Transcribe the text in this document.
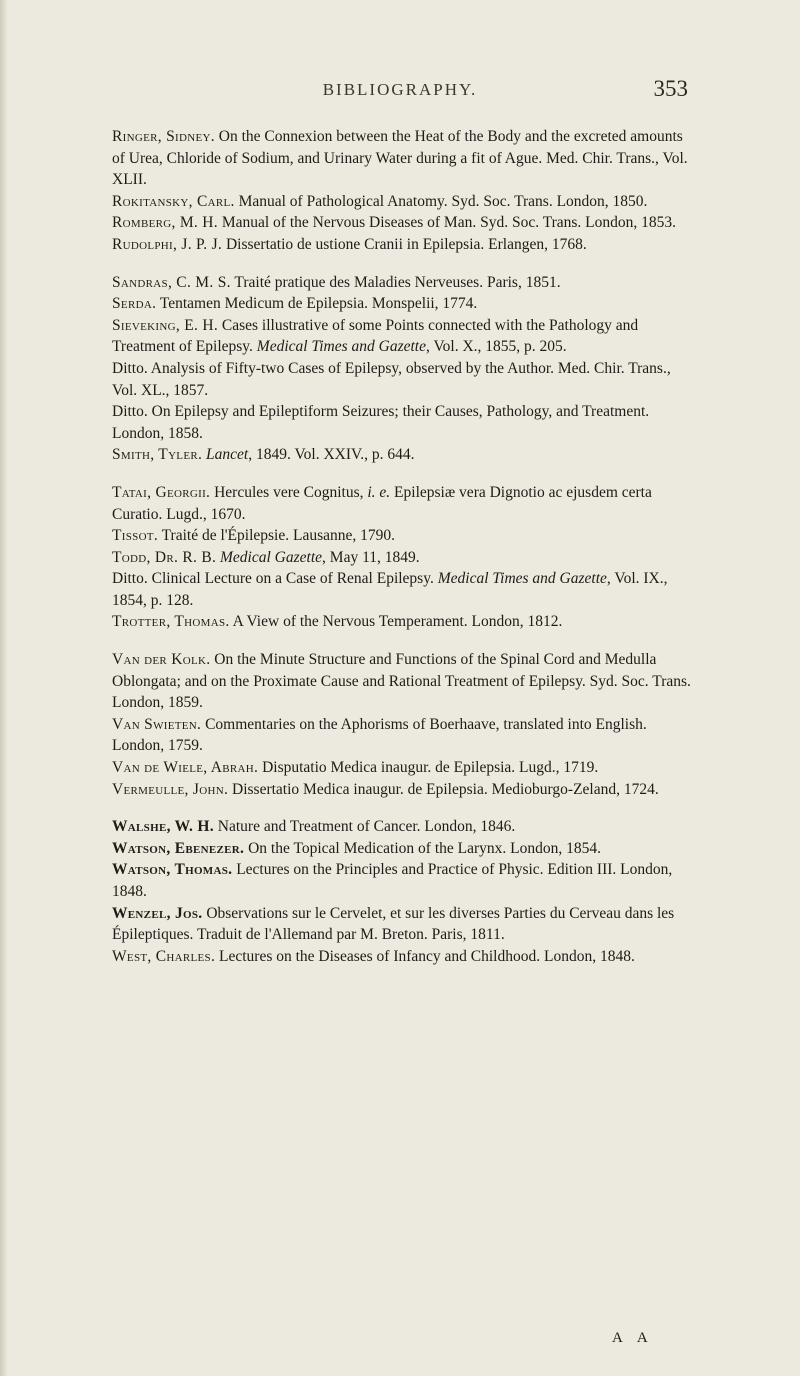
BIBLIOGRAPHY.	353
Ringer, Sidney. On the Connexion between the Heat of the Body and the excreted amounts of Urea, Chloride of Sodium, and Urinary Water during a fit of Ague. Med. Chir. Trans., Vol. XLII.
Rokitansky, Carl. Manual of Pathological Anatomy. Syd. Soc. Trans. London, 1850.
Romberg, M. H. Manual of the Nervous Diseases of Man. Syd. Soc. Trans. London, 1853.
Rudolphi, J. P. J. Dissertatio de ustione Cranii in Epilepsia. Erlangen, 1768.
Sandras, C. M. S. Traité pratique des Maladies Nerveuses. Paris, 1851.
Serda. Tentamen Medicum de Epilepsia. Monspelii, 1774.
Sieveking, E. H. Cases illustrative of some Points connected with the Pathology and Treatment of Epilepsy. Medical Times and Gazette, Vol. X., 1855, p. 205.
Ditto. Analysis of Fifty-two Cases of Epilepsy, observed by the Author. Med. Chir. Trans., Vol. XL., 1857.
Ditto. On Epilepsy and Epileptiform Seizures; their Causes, Pathology, and Treatment. London, 1858.
Smith, Tyler. Lancet, 1849. Vol. XXIV., p. 644.
Tatai, Georgii. Hercules vere Cognitus, i. e. Epilepsiæ vera Dignotio ac ejusdem certa Curatio. Lugd., 1670.
Tissot. Traité de l'Épilepsie. Lausanne, 1790.
Todd, Dr. R. B. Medical Gazette, May 11, 1849.
Ditto. Clinical Lecture on a Case of Renal Epilepsy. Medical Times and Gazette, Vol. IX., 1854, p. 128.
Trotter, Thomas. A View of the Nervous Temperament. London, 1812.
Van der Kolk. On the Minute Structure and Functions of the Spinal Cord and Medulla Oblongata; and on the Proximate Cause and Rational Treatment of Epilepsy. Syd. Soc. Trans. London, 1859.
Van Swieten. Commentaries on the Aphorisms of Boerhaave, translated into English. London, 1759.
Van de Wiele, Abrah. Disputatio Medica inaugur. de Epilepsia. Lugd., 1719.
Vermeulle, John. Dissertatio Medica inaugur. de Epilepsia. Medioburgo-Zeland, 1724.
Walshe, W. H. Nature and Treatment of Cancer. London, 1846.
Watson, Ebenezer. On the Topical Medication of the Larynx. London, 1854.
Watson, Thomas. Lectures on the Principles and Practice of Physic. Edition III. London, 1848.
Wenzel, Jos. Observations sur le Cervelet, et sur les diverses Parties du Cerveau dans les Épileptiques. Traduit de l'Allemand par M. Breton. Paris, 1811.
West, Charles. Lectures on the Diseases of Infancy and Childhood. London, 1848.
A A
